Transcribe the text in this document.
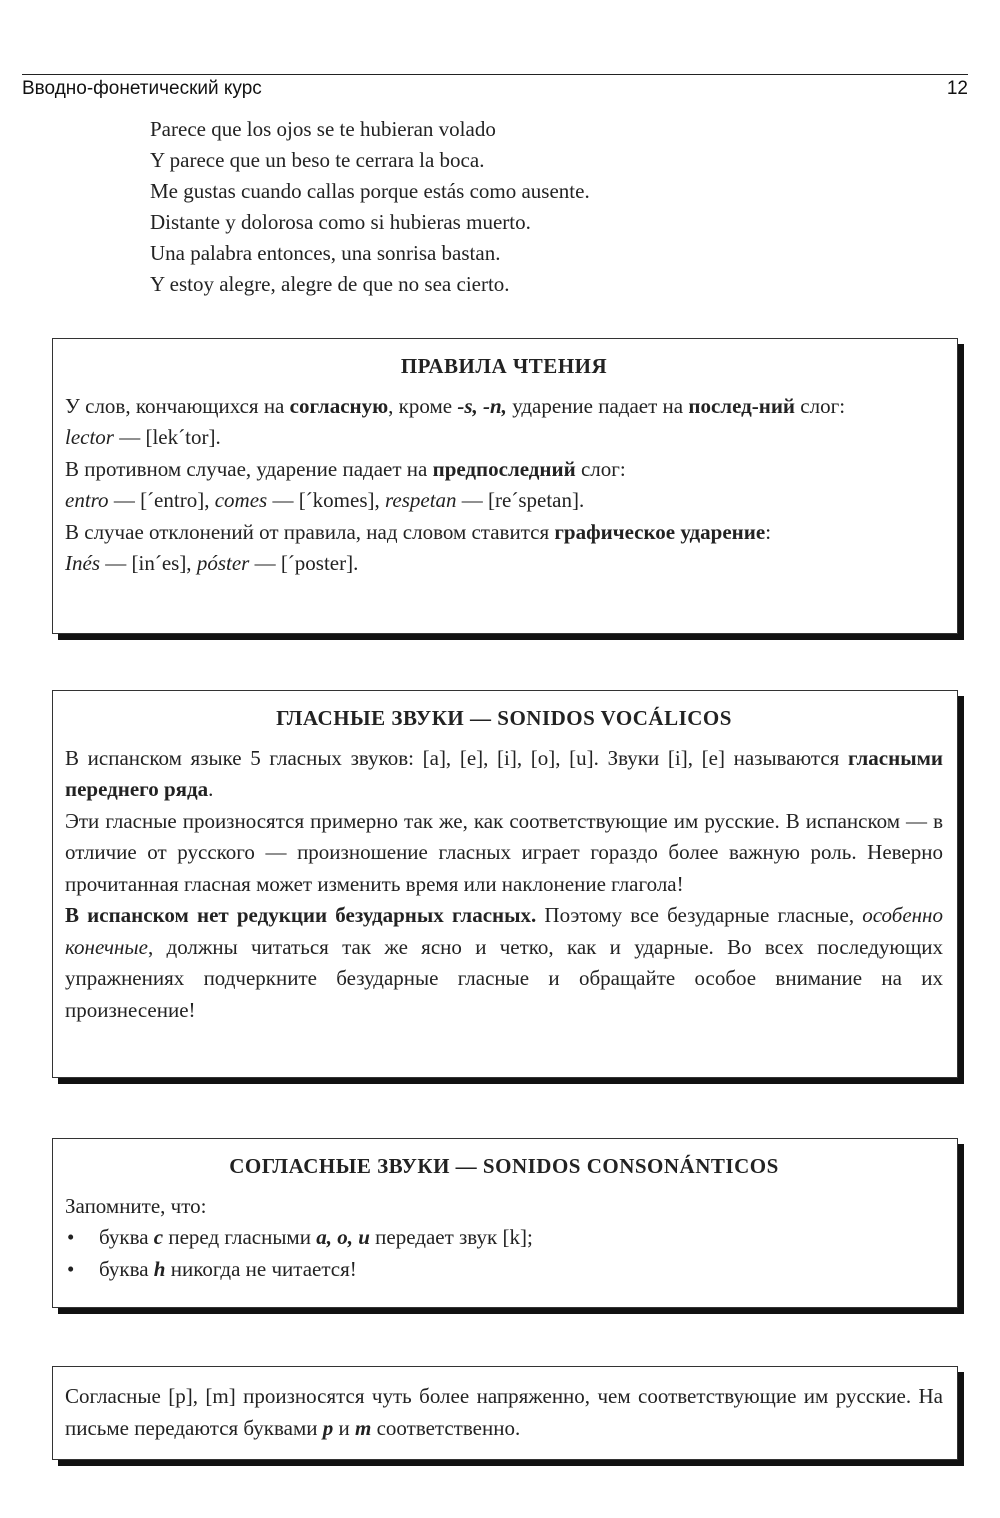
Вводно-фонетический курс	12
Parece que los ojos se te hubieran volado
Y parece que un beso te cerrara la boca.
Me gustas cuando callas porque estás como ausente.
Distante y dolorosa como si hubieras muerto.
Una palabra entonces, una sonrisa bastan.
Y estoy alegre, alegre de que no sea cierto.
ПРАВИЛА ЧТЕНИЯ

У слов, кончающихся на согласную, кроме -s, -n, ударение падает на послед-ний слог:

lector — [lekˊtor].

В противном случае, ударение падает на предпоследний слог:

entro — [ˊentro], comes — [ˊkomes], respetan — [reˊspetan].

В случае отклонений от правила, над словом ставится графическое ударение:

Inés — [inˊes], póster — [ˊposter].

ГЛАСНЫЕ ЗВУКИ — SONIDOS VOCÁLICOS

В испанском языке 5 гласных звуков: [a], [e], [i], [o], [u]. Звуки [i], [e] называются гласными переднего ряда.

Эти гласные произносятся примерно так же, как соответствующие им русские. В испанском — в отличие от русского — произношение гласных играет гораздо более важную роль. Неверно прочитанная гласная может изменить время или наклонение глагола!

В испанском нет редукции безударных гласных. Поэтому все безударные гласные, особенно конечные, должны читаться так же ясно и четко, как и ударные. Во всех последующих упражнениях подчеркните безударные гласные и обращайте особое внимание на их произнесение!

СОГЛАСНЫЕ ЗВУКИ — SONIDOS CONSONÁNTICOS

Запомните, что:

• буква c перед гласными a, o, u передает звук [k];
• буква h никогда не читается!

Согласные [p], [m] произносятся чуть более напряженно, чем соответствующие им русские. На письме передаются буквами p и m соответственно.
